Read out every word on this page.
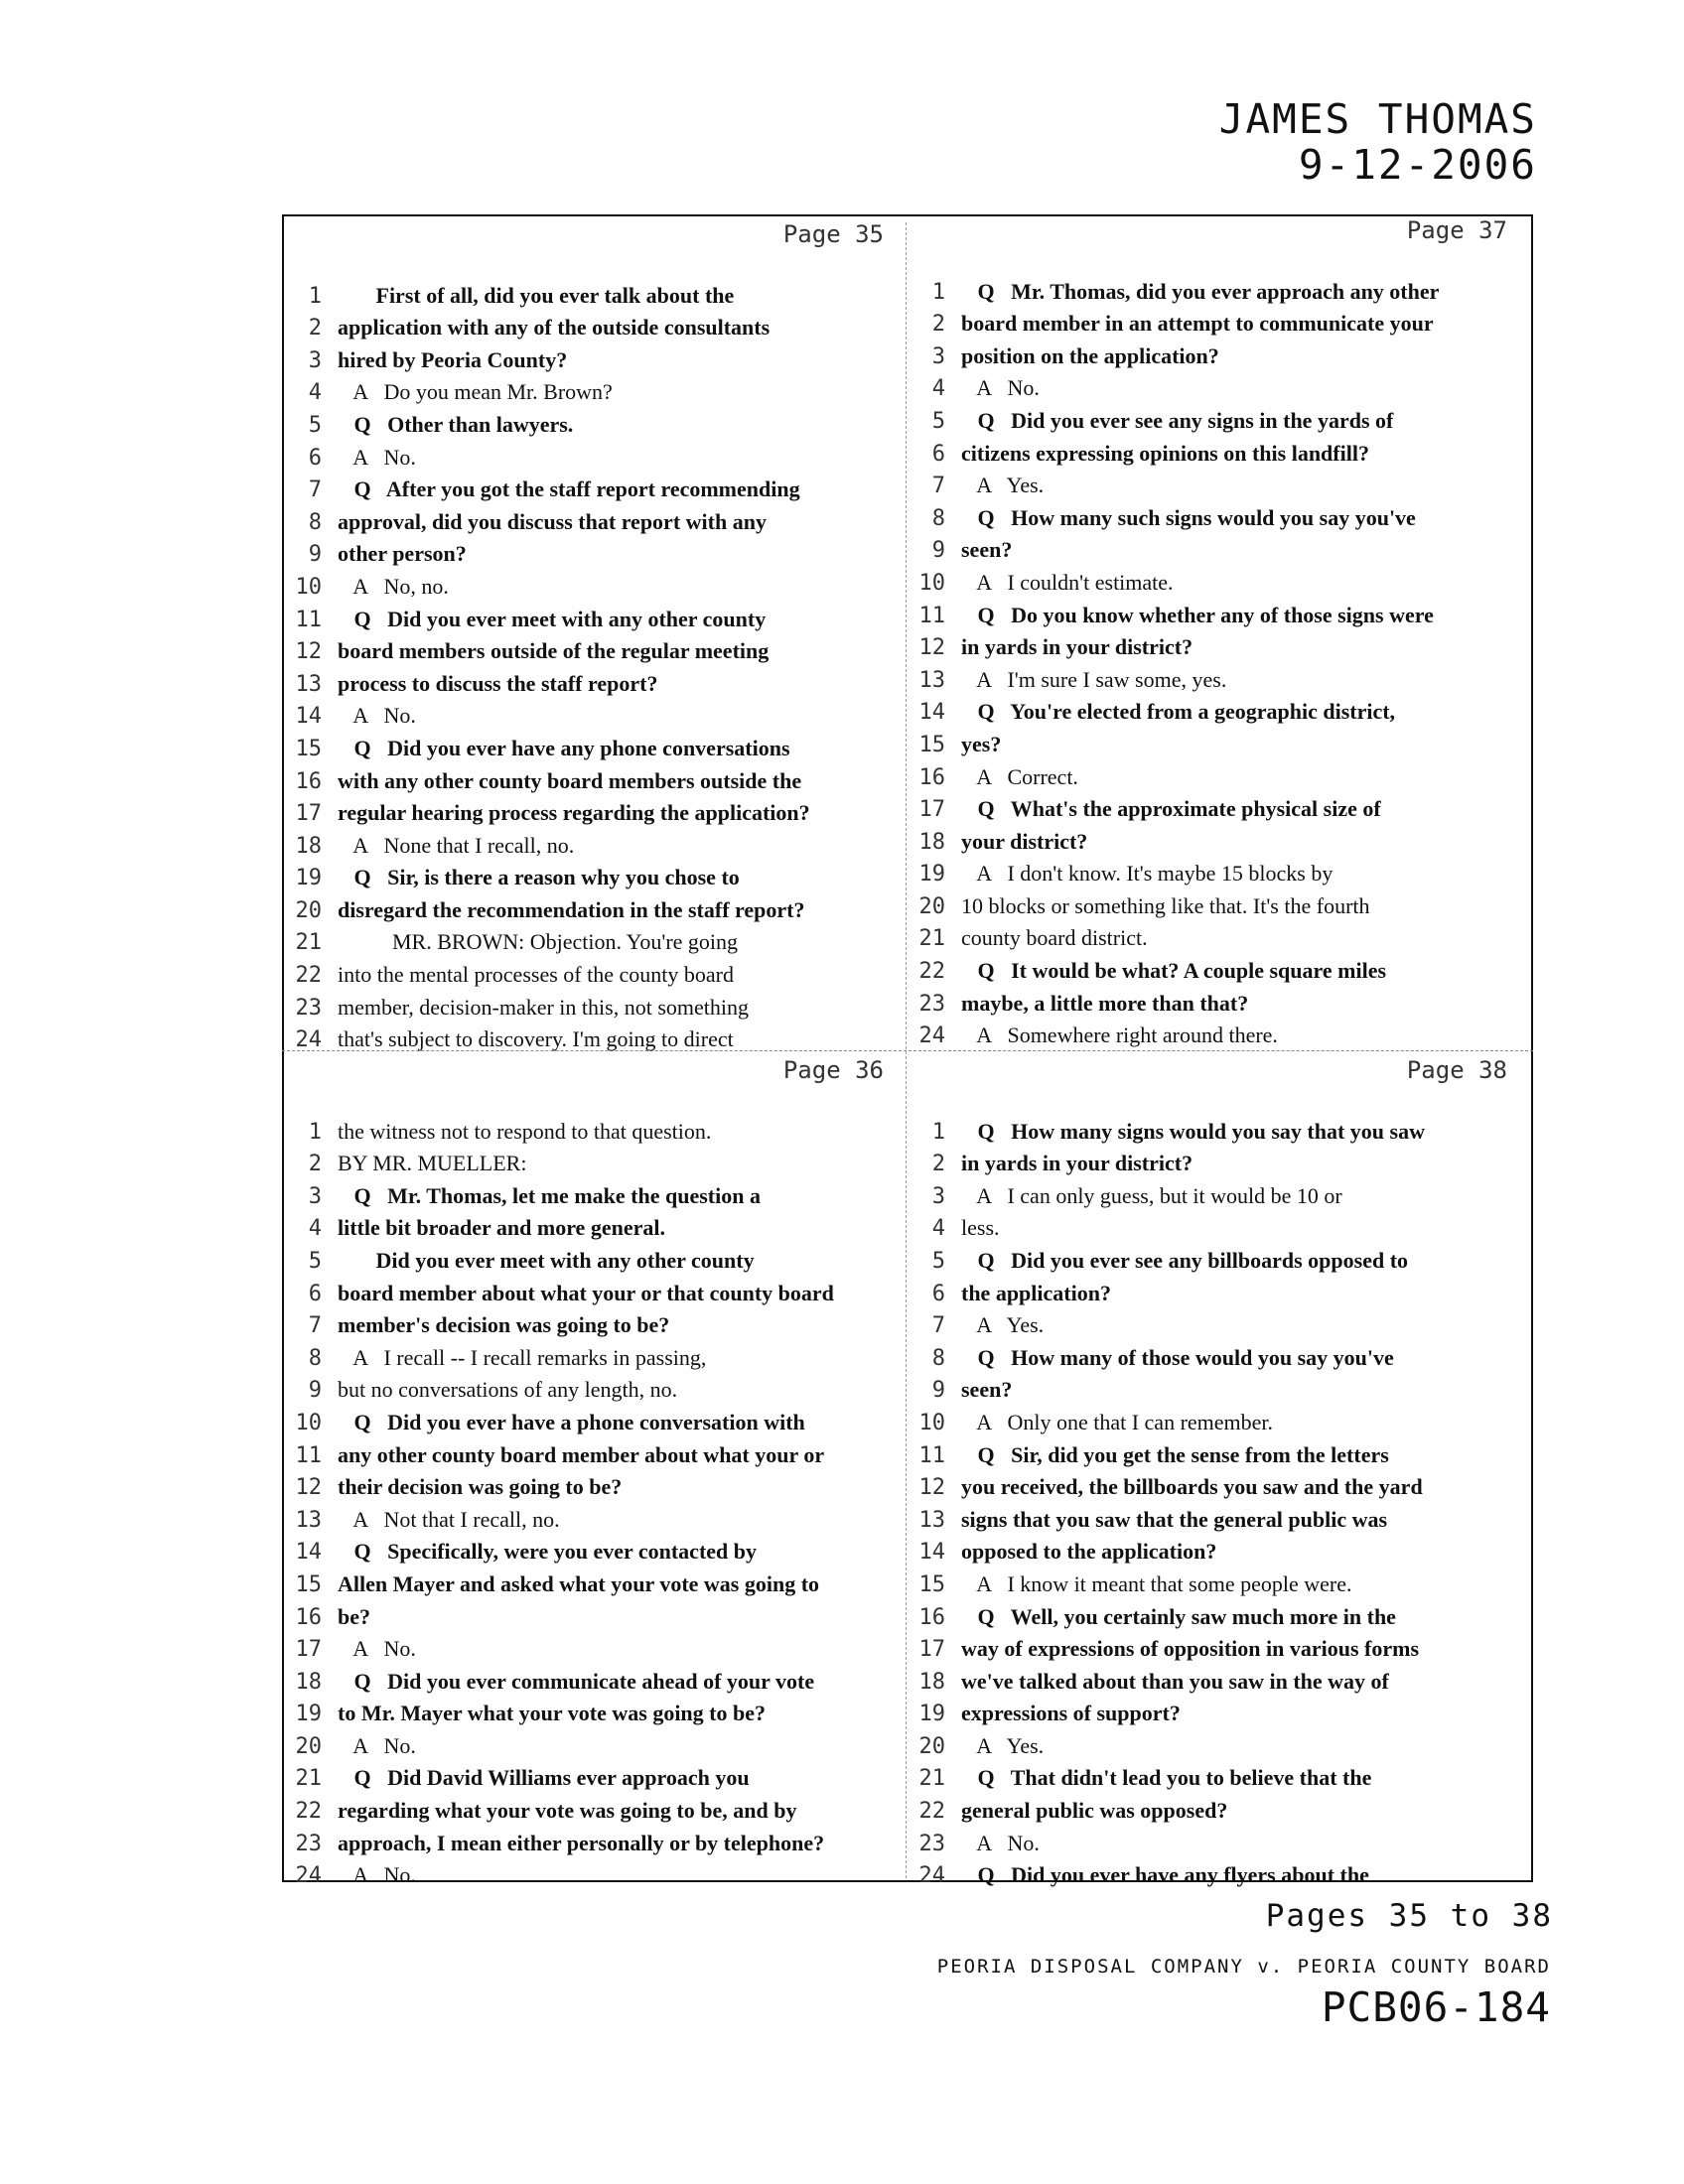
JAMES THOMAS
9-12-2006
Page 35
1 First of all, did you ever talk about the
2 application with any of the outside consultants
3 hired by Peoria County?
4 A   Do you mean Mr. Brown?
5 Q   Other than lawyers.
6 A   No.
7 Q   After you got the staff report recommending
8 approval, did you discuss that report with any
9 other person?
10 A   No, no.
11 Q   Did you ever meet with any other county
12 board members outside of the regular meeting
13 process to discuss the staff report?
14 A   No.
15 Q   Did you ever have any phone conversations
16 with any other county board members outside the
17 regular hearing process regarding the application?
18 A   None that I recall, no.
19 Q   Sir, is there a reason why you chose to
20 disregard the recommendation in the staff report?
21 MR. BROWN: Objection. You're going
22 into the mental processes of the county board
23 member, decision-maker in this, not something
24 that's subject to discovery. I'm going to direct
Page 37
1 Q   Mr. Thomas, did you ever approach any other
2 board member in an attempt to communicate your
3 position on the application?
4 A   No.
5 Q   Did you ever see any signs in the yards of
6 citizens expressing opinions on this landfill?
7 A   Yes.
8 Q   How many such signs would you say you've
9 seen?
10 A   I couldn't estimate.
11 Q   Do you know whether any of those signs were
12 in yards in your district?
13 A   I'm sure I saw some, yes.
14 Q   You're elected from a geographic district,
15 yes?
16 A   Correct.
17 Q   What's the approximate physical size of
18 your district?
19 A   I don't know. It's maybe 15 blocks by
20 10 blocks or something like that. It's the fourth
21 county board district.
22 Q   It would be what? A couple square miles
23 maybe, a little more than that?
24 A   Somewhere right around there.
Page 36
1 the witness not to respond to that question.
2 BY MR. MUELLER:
3 Q   Mr. Thomas, let me make the question a
4 little bit broader and more general.
5 Did you ever meet with any other county
6 board member about what your or that county board
7 member's decision was going to be?
8 A   I recall -- I recall remarks in passing,
9 but no conversations of any length, no.
10 Q   Did you ever have a phone conversation with
11 any other county board member about what your or
12 their decision was going to be?
13 A   Not that I recall, no.
14 Q   Specifically, were you ever contacted by
15 Allen Mayer and asked what your vote was going to
16 be?
17 A   No.
18 Q   Did you ever communicate ahead of your vote
19 to Mr. Mayer what your vote was going to be?
20 A   No.
21 Q   Did David Williams ever approach you
22 regarding what your vote was going to be, and by
23 approach, I mean either personally or by telephone?
24 A   No.
Page 38
1 Q   How many signs would you say that you saw
2 in yards in your district?
3 A   I can only guess, but it would be 10 or
4 less.
5 Q   Did you ever see any billboards opposed to
6 the application?
7 A   Yes.
8 Q   How many of those would you say you've
9 seen?
10 A   Only one that I can remember.
11 Q   Sir, did you get the sense from the letters
12 you received, the billboards you saw and the yard
13 signs that you saw that the general public was
14 opposed to the application?
15 A   I know it meant that some people were.
16 Q   Well, you certainly saw much more in the
17 way of expressions of opposition in various forms
18 we've talked about than you saw in the way of
19 expressions of support?
20 A   Yes.
21 Q   That didn't lead you to believe that the
22 general public was opposed?
23 A   No.
24 Q   Did you ever have any flyers about the
Pages 35 to 38
PEORIA DISPOSAL COMPANY v. PEORIA COUNTY BOARD
PCB06-184
